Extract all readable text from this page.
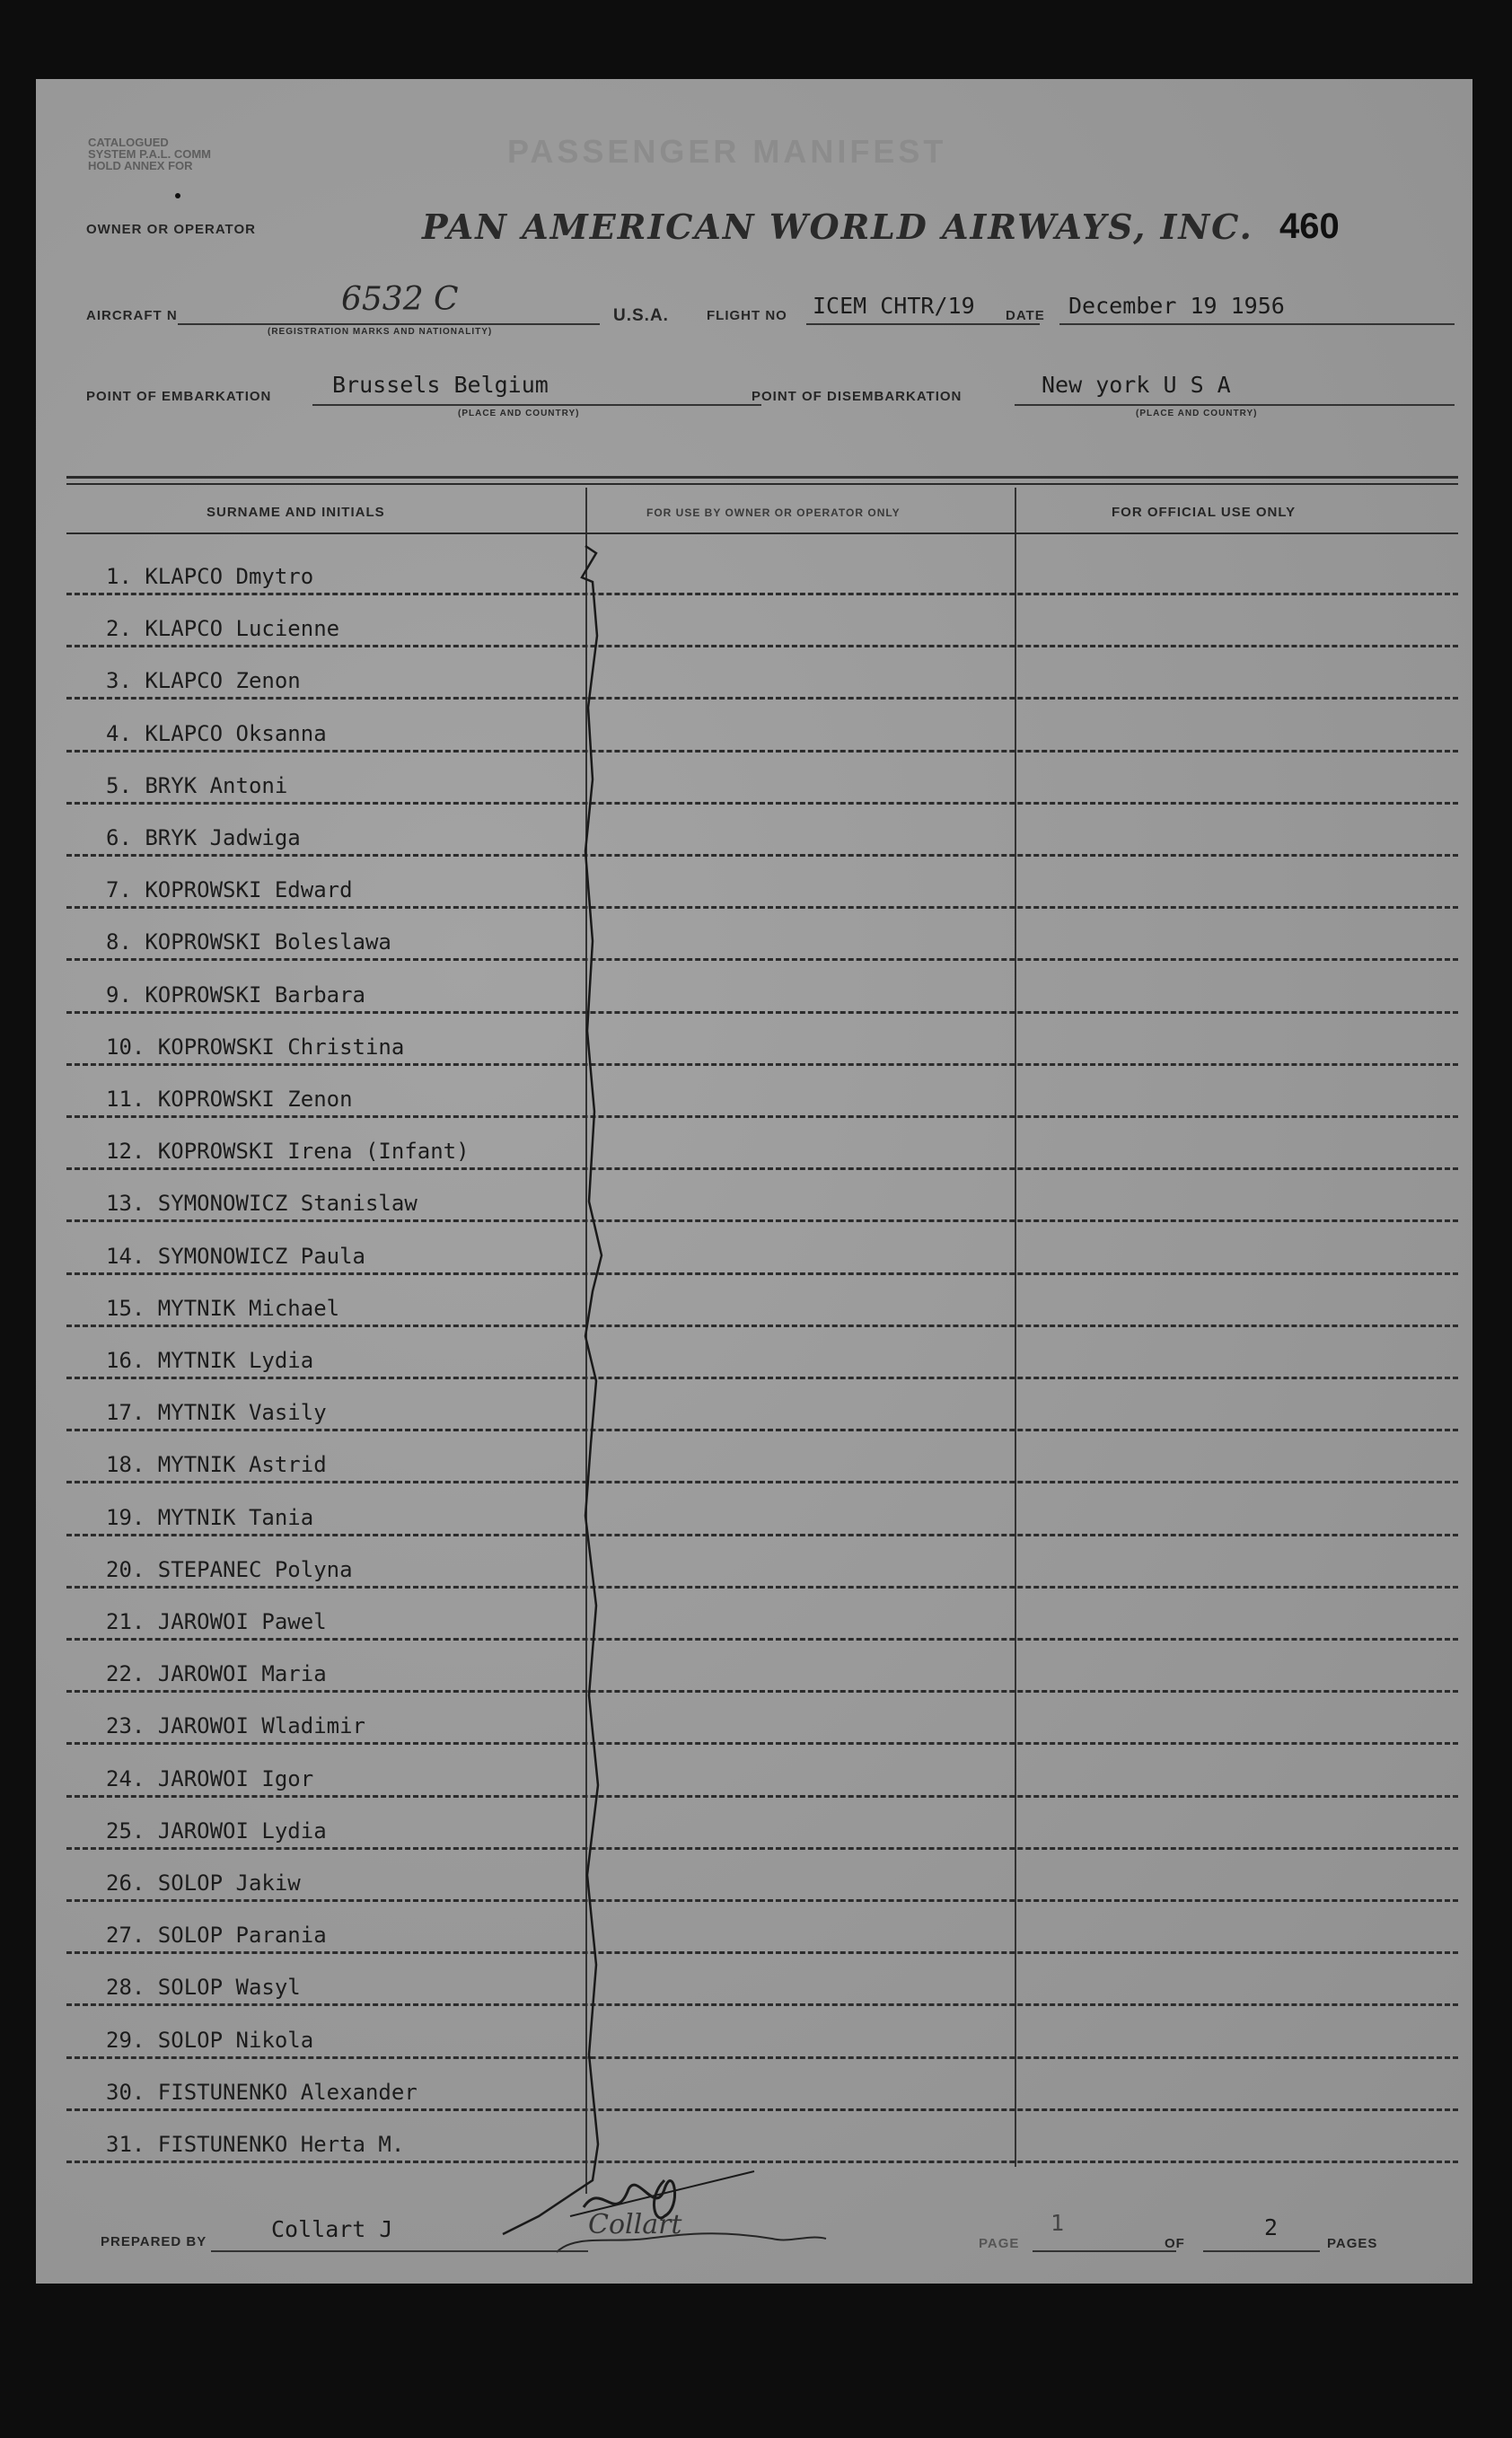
CATALOGUED
SYSTEM P.A.L. COMM
HOLD ANNEX FOR	PASSENGER MANIFEST
OWNER OR OPERATOR	PAN AMERICAN WORLD AIRWAYS, INC. 460
AIRCRAFT N	6532 C
(REGISTRATION MARKS AND NATIONALITY)
U.S.A.	FLIGHT NO ICEM CHTR/19 DATE December 19 1956
POINT OF EMBARKATION	Brussels Belgium
(PLACE AND COUNTRY)
POINT OF DISEMBARKATION	New york U S A
(PLACE AND COUNTRY)
SURNAME AND INITIALS	FOR USE BY OWNER OR OPERATOR ONLY	FOR OFFICIAL USE ONLY
1. KLAPCO Dmytro
2. KLAPCO Lucienne
3. KLAPCO Zenon
4. KLAPCO Oksanna
5. BRYK Antoni
6. BRYK Jadwiga
7. KOPROWSKI Edward
8. KOPROWSKI Boleslawa
9. KOPROWSKI Barbara
10. KOPROWSKI Christina
11. KOPROWSKI Zenon
12. KOPROWSKI Irena (Infant)
13. SYMONOWICZ Stanislaw
14. SYMONOWICZ Paula
15. MYTNIK Michael
16. MYTNIK Lydia
17. MYTNIK Vasily
18. MYTNIK Astrid
19. MYTNIK Tania
20. STEPANEC Polyna
21. JAROWOI Pawel
22. JAROWOI Maria
23. JAROWOI Wladimir
24. JAROWOI Igor
25. JAROWOI Lydia
26. SOLOP Jakiw
27. SOLOP Parania
28. SOLOP Wasyl
29. SOLOP Nikola
30. FISTUNENKO Alexander
31. FISTUNENKO Herta M.
PREPARED BY	Collart J	Collart
PAGE
1
OF
2
PAGES
